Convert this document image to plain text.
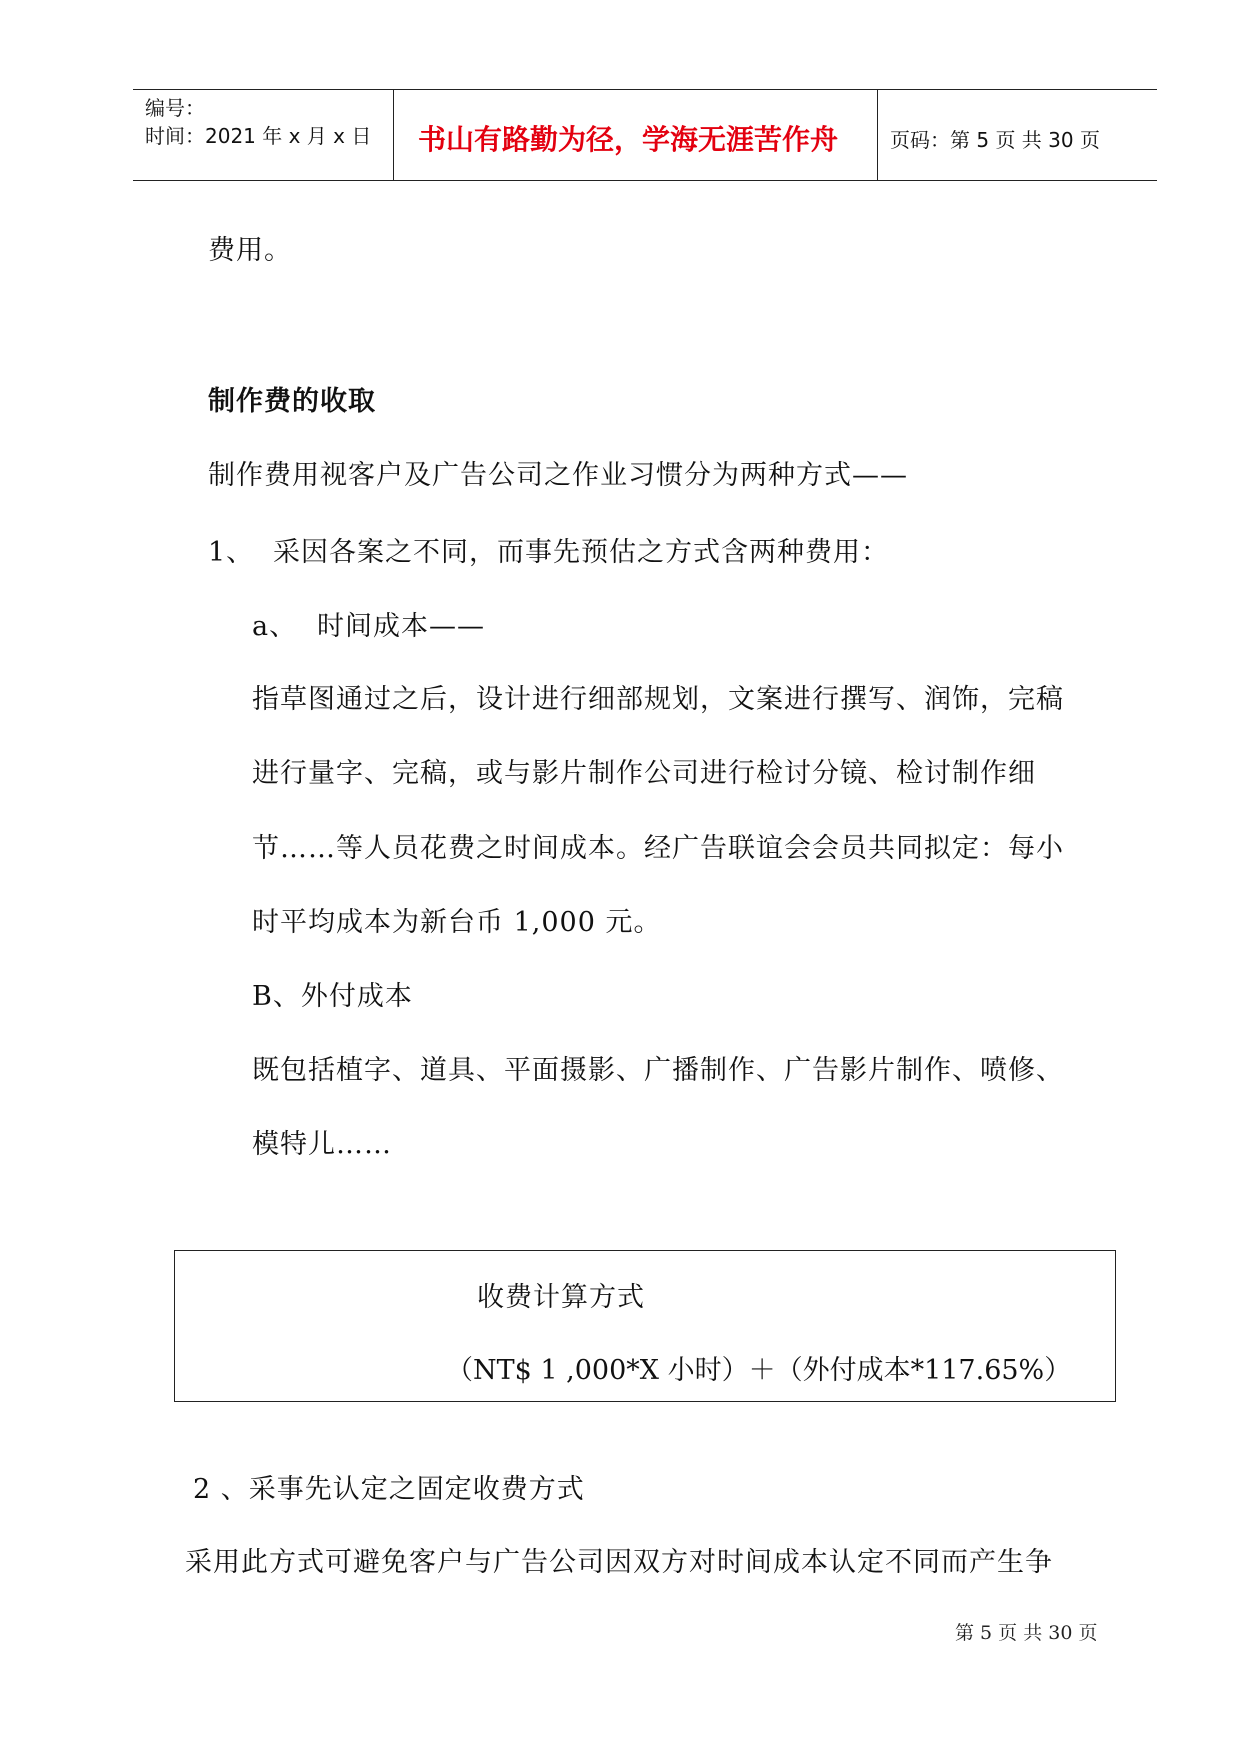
编号：
时间：2021 年 x 月 x 日 书山有路勤为径，学海无涯苦作舟	页码：第 5 页 共 30 页
费用。
制作费的收取
制作费用视客户及广告公司之作业习惯分为两种方式——
1、 采因各案之不同，而事先预估之方式含两种费用：
a、 时间成本——
指草图通过之后，设计进行细部规划，文案进行撰写、润饰，完稿
进行量字、完稿，或与影片制作公司进行检讨分镜、检讨制作细
节……等人员花费之时间成本。经广告联谊会会员共同拟定：每小
时平均成本为新台币 1,000 元。
B、外付成本
既包括植字、道具、平面摄影、广播制作、广告影片制作、喷修、
模特儿……
收费计算方式
（NT$ 1 ,000*X 小时）＋（外付成本*117.65%）
2 、采事先认定之固定收费方式
采用此方式可避免客户与广告公司因双方对时间成本认定不同而产生争
第 5 页 共 30 页
